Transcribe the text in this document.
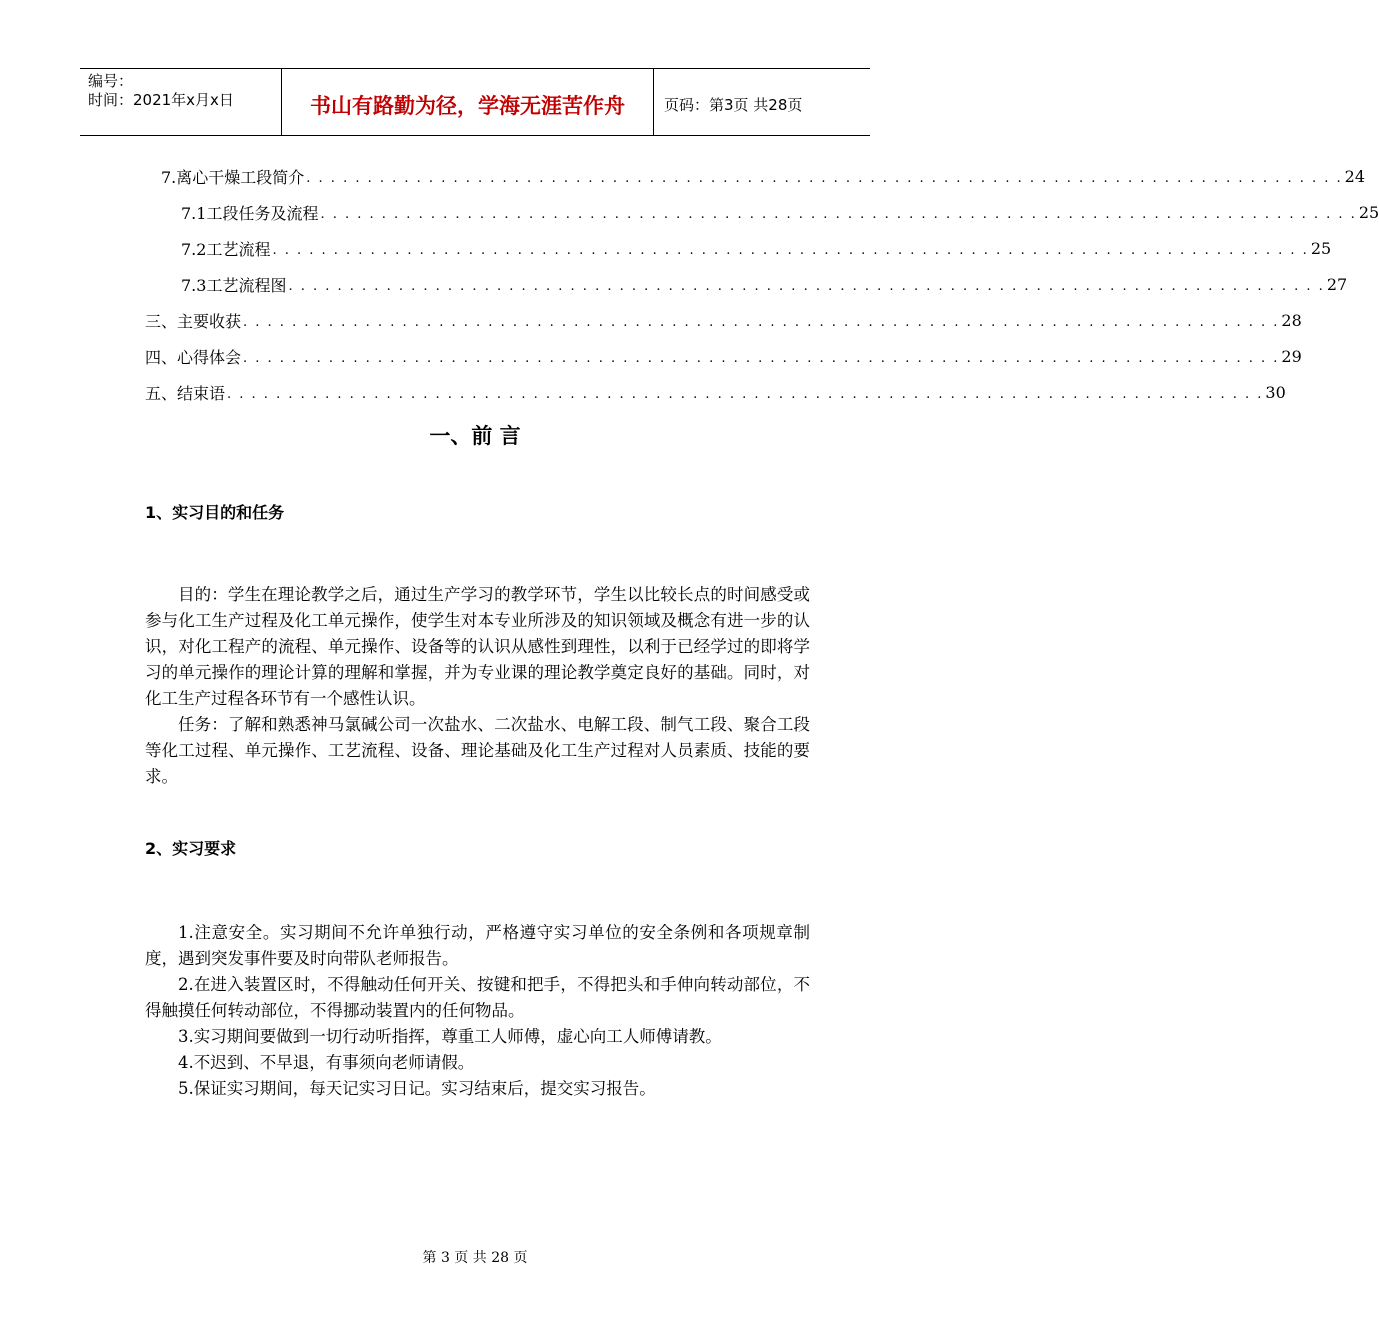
编号：
时间：2021年x月x日	书山有路勤为径，学海无涯苦作舟	页码：第3页 共28页
7.离心干燥工段简介 . . . . . . . . . . . . . . . . . . . . . . . . . . . . . . . . . . . . . . . . . . . . . . . . . . . . . . . . . . . . . . . . . . . . . . . . . . . . . . . . . . . . . 24
7.1工段任务及流程 . . . . . . . . . . . . . . . . . . . . . . . . . . . . . . . . . . . . . . . . . . . . . . . . . . . . . . . . . . . . . . . . . . . . . . . . . . . . . . . . . . . . . 25
7.2工艺流程 . . . . . . . . . . . . . . . . . . . . . . . . . . . . . . . . . . . . . . . . . . . . . . . . . . . . . . . . . . . . . . . . . . . . . . . . . . . . . . . . . . . . . 25
7.3工艺流程图 . . . . . . . . . . . . . . . . . . . . . . . . . . . . . . . . . . . . . . . . . . . . . . . . . . . . . . . . . . . . . . . . . . . . . . . . . . . . . . . . . . . . . 27
三、主要收获 . . . . . . . . . . . . . . . . . . . . . . . . . . . . . . . . . . . . . . . . . . . . . . . . . . . . . . . . . . . . . . . . . . . . . . . . . . . . . . . . . . . . . 28
四、心得体会 . . . . . . . . . . . . . . . . . . . . . . . . . . . . . . . . . . . . . . . . . . . . . . . . . . . . . . . . . . . . . . . . . . . . . . . . . . . . . . . . . . . . . 29
五、结束语 . . . . . . . . . . . . . . . . . . . . . . . . . . . . . . . . . . . . . . . . . . . . . . . . . . . . . . . . . . . . . . . . . . . . . . . . . . . . . . . . . . . . . 30
一、前 言
1、实习目的和任务

目的：学生在理论教学之后，通过生产学习的教学环节，学生以比较长点的时间感受或参与化工生产过程及化工单元操作，使学生对本专业所涉及的知识领域及概念有进一步的认识，对化工程产的流程、单元操作、设备等的认识从感性到理性，以利于已经学过的即将学习的单元操作的理论计算的理解和掌握，并为专业课的理论教学奠定良好的基础。同时，对化工生产过程各环节有一个感性认识。

任务：了解和熟悉神马氯碱公司一次盐水、二次盐水、电解工段、制气工段、聚合工段等化工过程、单元操作、工艺流程、设备、理论基础及化工生产过程对人员素质、技能的要求。

2、实习要求

1.注意安全。实习期间不允许单独行动，严格遵守实习单位的安全条例和各项规章制度，遇到突发事件要及时向带队老师报告。

2.在进入装置区时，不得触动任何开关、按键和把手，不得把头和手伸向转动部位，不得触摸任何转动部位，不得挪动装置内的任何物品。

3.实习期间要做到一切行动听指挥，尊重工人师傅，虚心向工人师傅请教。

4.不迟到、不早退，有事须向老师请假。

5.保证实习期间，每天记实习日记。实习结束后，提交实习报告。

第 3 页 共 28 页
